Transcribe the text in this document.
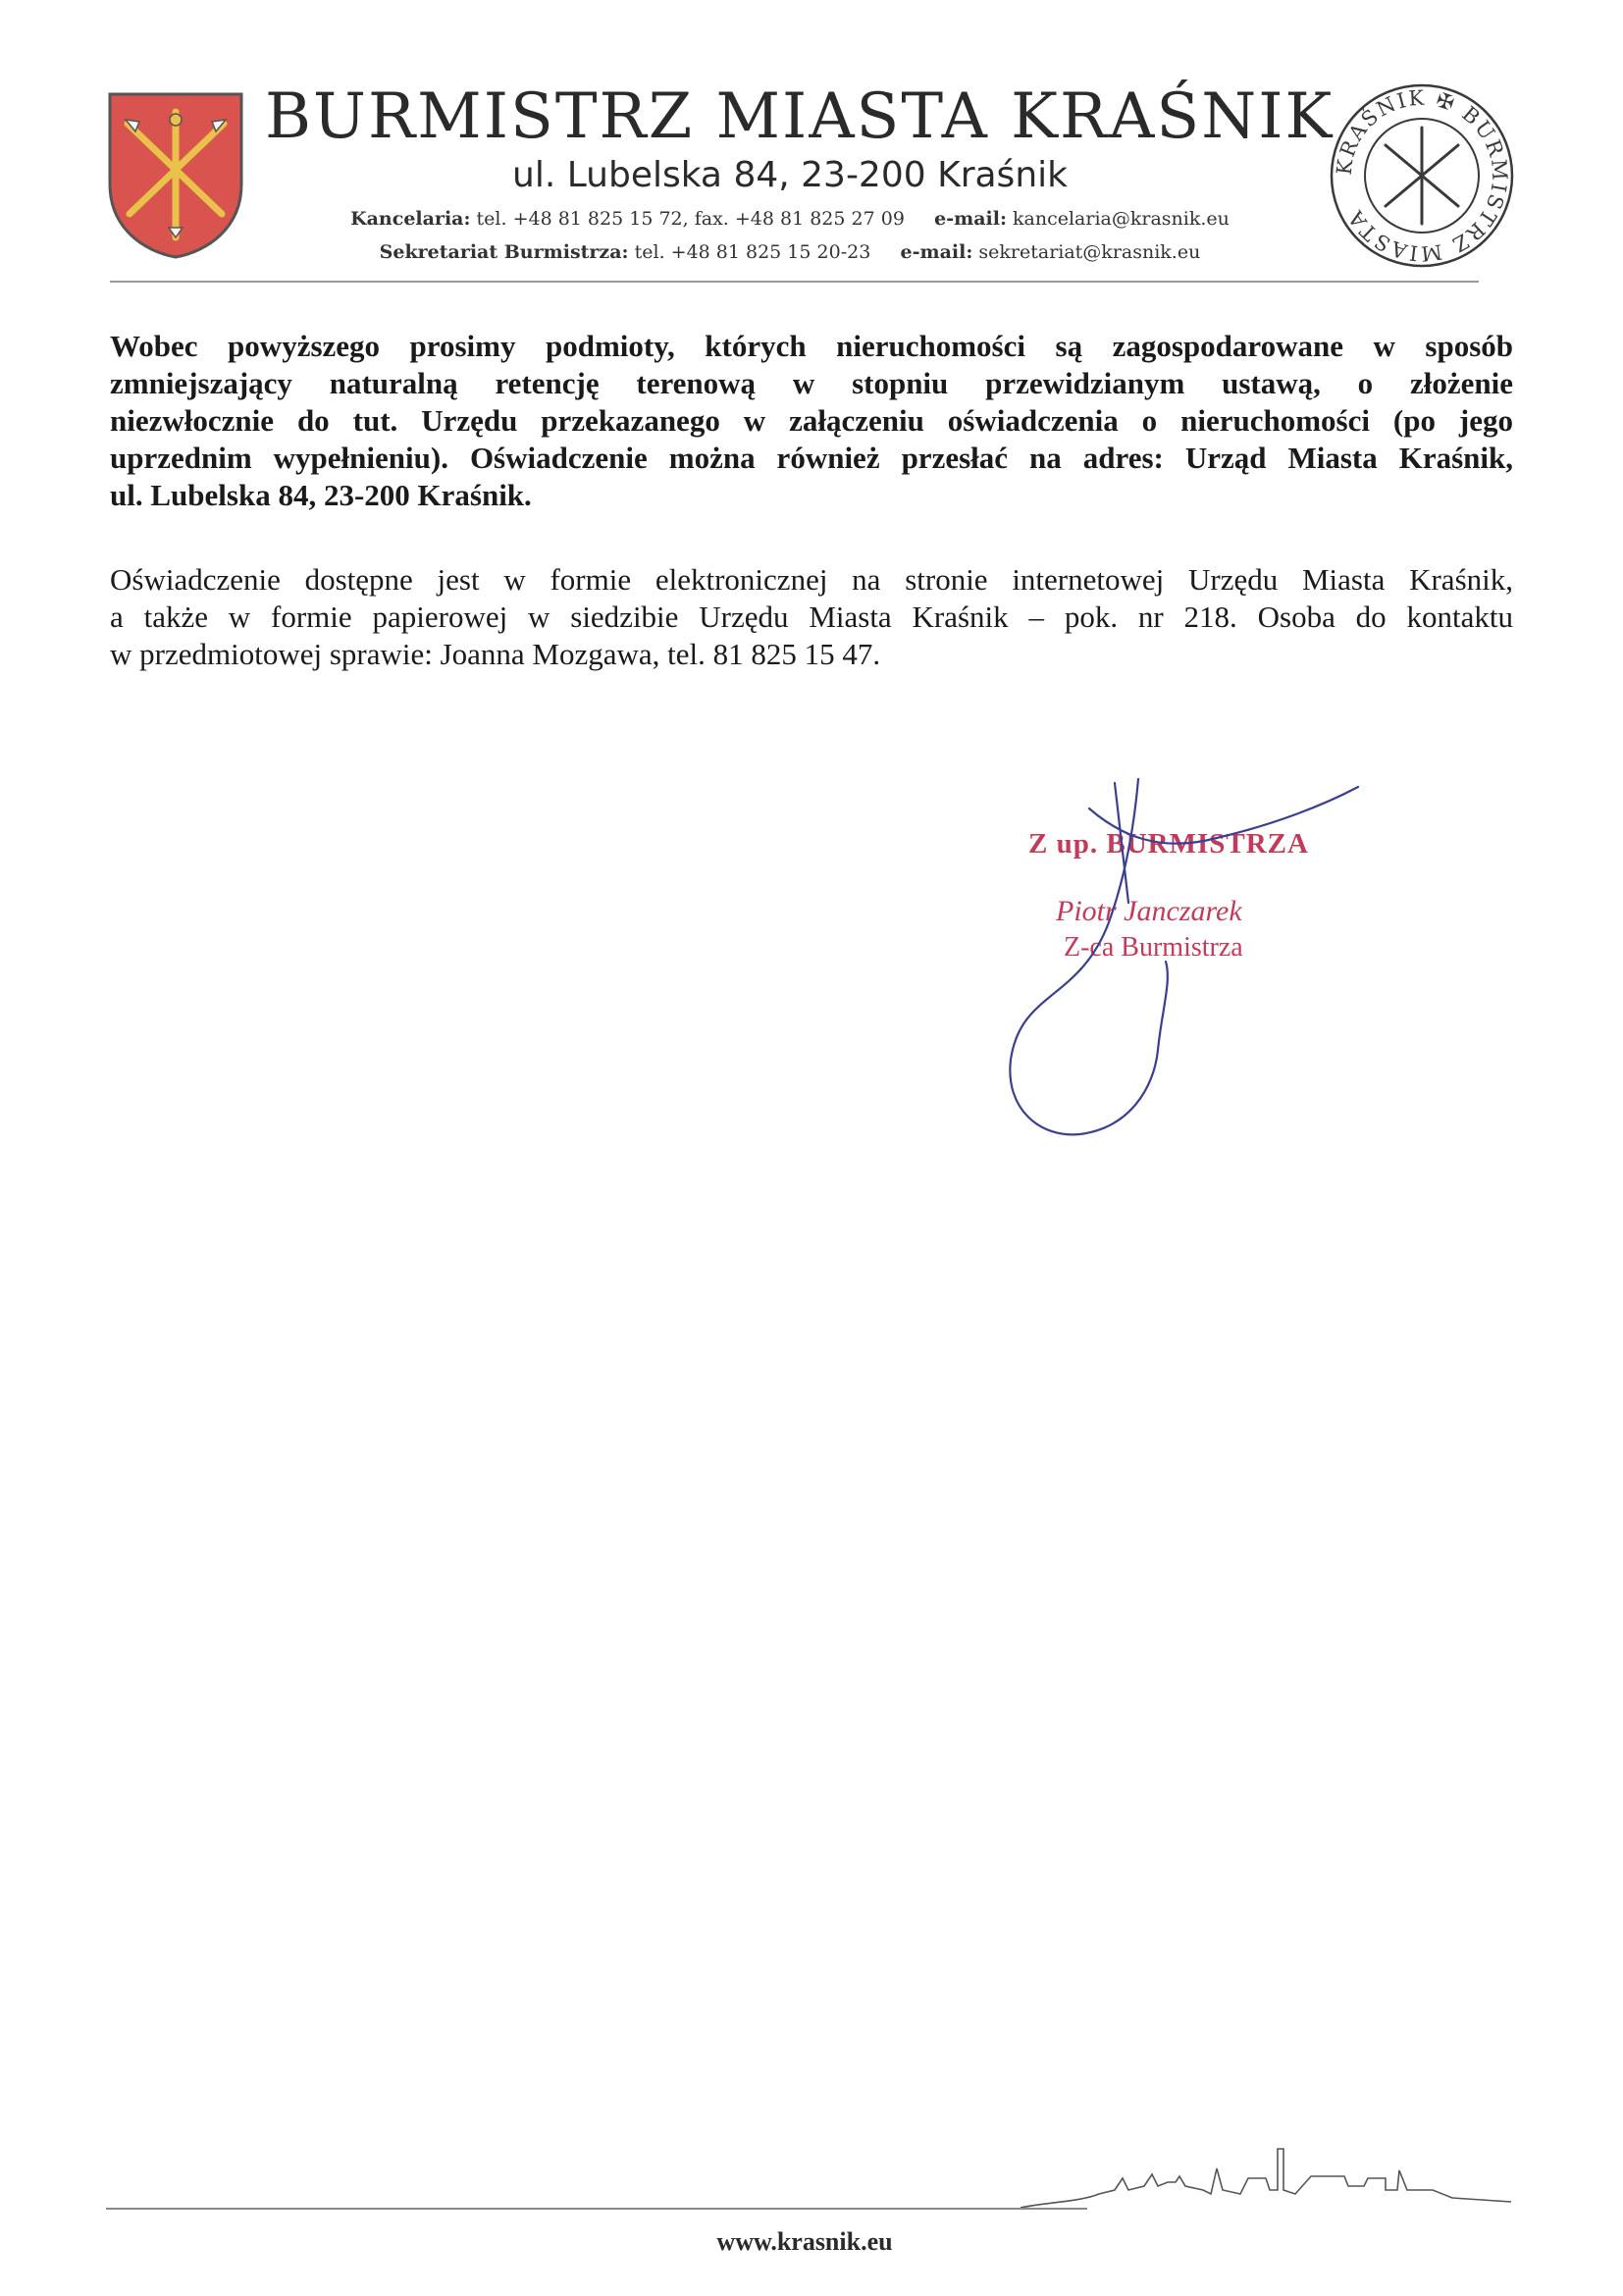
BURMISTRZ MIASTA KRAŚNIK
ul. Lubelska 84, 23-200 Kraśnik
Kancelaria: tel. +48 81 825 15 72, fax. +48 81 825 27 09 e-mail: kancelaria@krasnik.eu
Sekretariat Burmistrza: tel. +48 81 825 15 20-23 e-mail: sekretariat@krasnik.eu
KRAŚNIK ✠ BURMISTRZ MIASTA
Wobec powyższego prosimy podmioty, których nieruchomości są zagospodarowane w sposób
zmniejszający naturalną retencję terenową w stopniu przewidzianym ustawą, o złożenie
niezwłocznie do tut. Urzędu przekazanego w załączeniu oświadczenia o nieruchomości (po jego
uprzednim wypełnieniu). Oświadczenie można również przesłać na adres: Urząd Miasta Kraśnik,
ul. Lubelska 84, 23-200 Kraśnik.
Oświadczenie dostępne jest w formie elektronicznej na stronie internetowej Urzędu Miasta Kraśnik,
a także w formie papierowej w siedzibie Urzędu Miasta Kraśnik – pok. nr 218. Osoba do kontaktu
w przedmiotowej sprawie: Joanna Mozgawa, tel. 81 825 15 47.
Z up. BURMISTRZA
Piotr Janczarek
Z-ca Burmistrza
www.krasnik.eu
